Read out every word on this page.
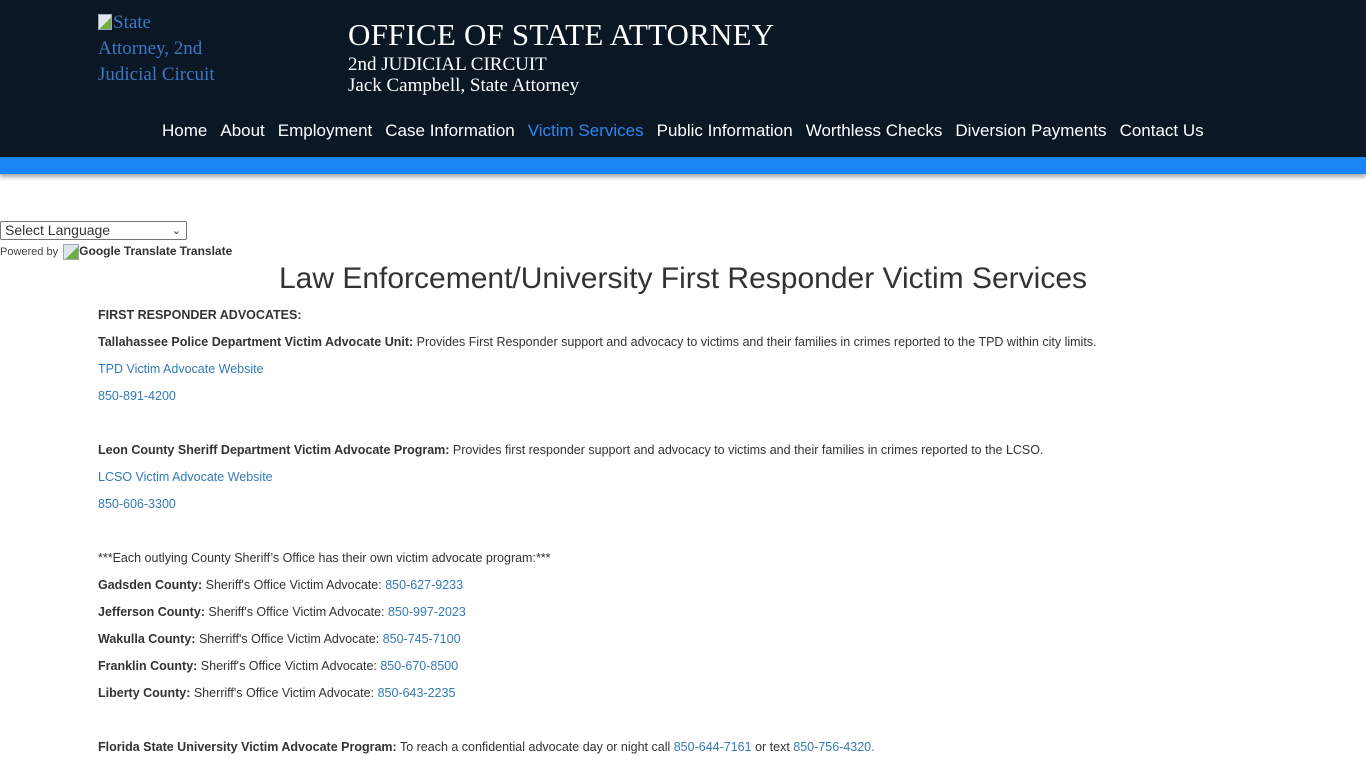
State
Attorney, 2nd
Judicial Circuit
OFFICE OF STATE ATTORNEY
2nd JUDICIAL CIRCUIT
Jack Campbell, State Attorney
Home About Employment Case Information Victim Services Public Information Worthless Checks Diversion Payments Contact Us
Select Language	⌄
Powered by Google Translate Translate
Law Enforcement/University First Responder Victim Services

FIRST RESPONDER ADVOCATES:

Tallahassee Police Department Victim Advocate Unit: Provides First Responder support and advocacy to victims and their families in crimes reported to the TPD within city limits.

TPD Victim Advocate Website

850-891-4200

Leon County Sheriff Department Victim Advocate Program: Provides first responder support and advocacy to victims and their families in crimes reported to the LCSO.

LCSO Victim Advocate Website

850-606-3300

***Each outlying County Sheriff’s Office has their own victim advocate program:***

Gadsden County: Sheriff's Office Victim Advocate: 850-627-9233

Jefferson County: Sheriff's Office Victim Advocate: 850-997-2023

Wakulla County: Sherriff's Office Victim Advocate: 850-745-7100

Franklin County: Sheriff's Office Victim Advocate: 850-670-8500

Liberty County: Sherriff's Office Victim Advocate: 850-643-2235

Florida State University Victim Advocate Program: To reach a confidential advocate day or night call 850-644-7161 or text 850-756-4320.
